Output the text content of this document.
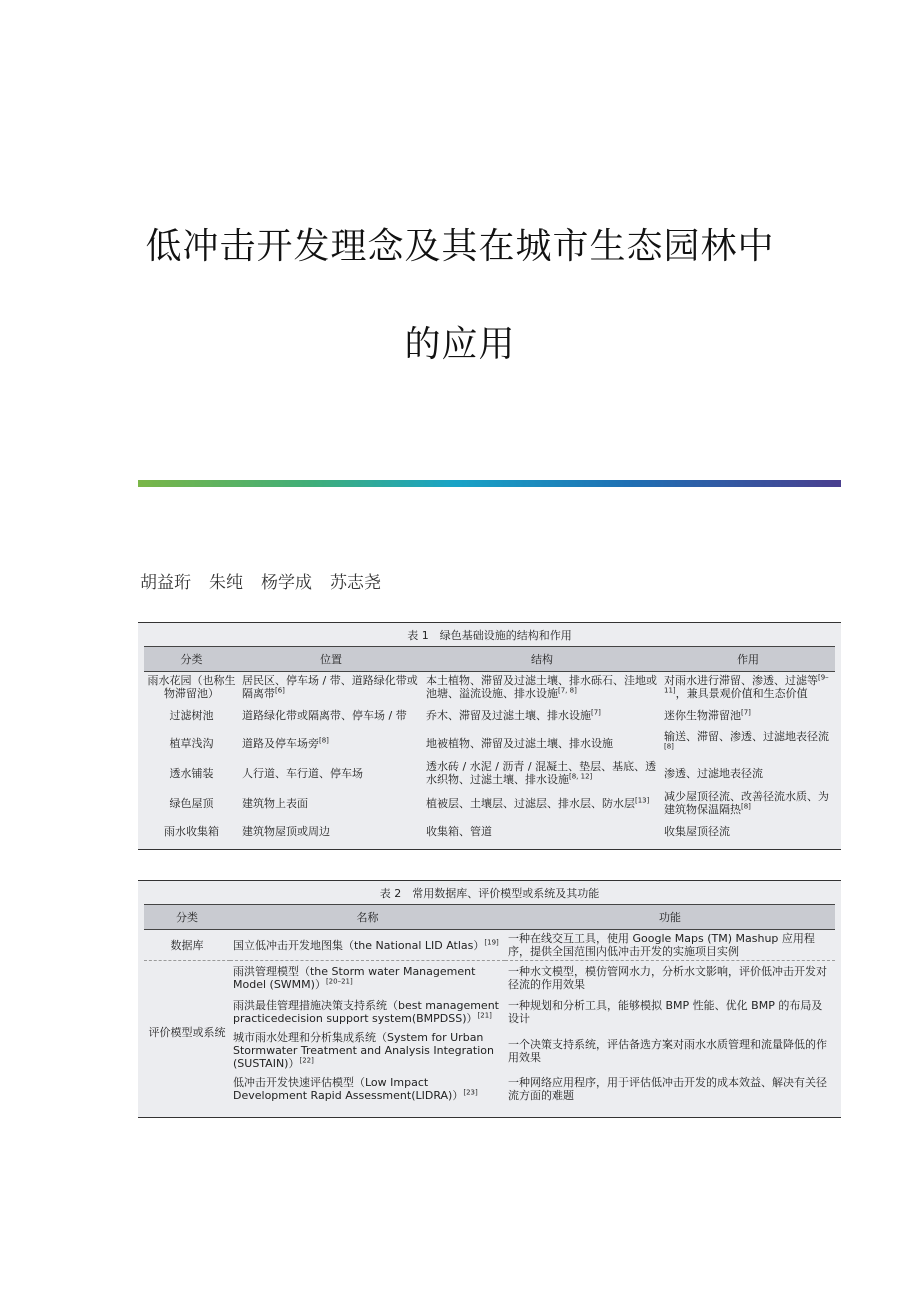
低冲击开发理念及其在城市生态园林中
的应用
胡益珩 朱纯 杨学成 苏志尧
表 1　绿色基础设施的结构和作用
分类	位置	结构	作用
雨水花园（也称生物滞留池）	居民区、停车场 / 带、道路绿化带或隔离带[6]	本土植物、滞留及过滤土壤、排水砾石、洼地或池塘、溢流设施、排水设施[7, 8]	对雨水进行滞留、渗透、过滤等[9–11]，兼具景观价值和生态价值
过滤树池	道路绿化带或隔离带、停车场 / 带	乔木、滞留及过滤土壤、排水设施[7]	迷你生物滞留池[7]
植草浅沟	道路及停车场旁[8]	地被植物、滞留及过滤土壤、排水设施	输送、滞留、渗透、过滤地表径流[8]
透水铺装	人行道、车行道、停车场	透水砖 / 水泥 / 沥青 / 混凝土、垫层、基底、透水织物、过滤土壤、排水设施[8, 12]	渗透、过滤地表径流
绿色屋顶	建筑物上表面	植被层、土壤层、过滤层、排水层、防水层[13]	减少屋顶径流、改善径流水质、为建筑物保温隔热[8]
雨水收集箱	建筑物屋顶或周边	收集箱、管道	收集屋顶径流
表 2　常用数据库、评价模型或系统及其功能
分类	名称	功能
数据库	国立低冲击开发地图集（the National LID Atlas）[19]	一种在线交互工具，使用 Google Maps (TM) Mashup 应用程序，提供全国范围内低冲击开发的实施项目实例
评价模型或系统	雨洪管理模型（the Storm water Management Model (SWMM)）[20–21]	一种水文模型，模仿管网水力，分析水文影响，评价低冲击开发对径流的作用效果
	雨洪最佳管理措施决策支持系统（best management practicedecision support system(BMPDSS)）[21]	一种规划和分析工具，能够模拟 BMP 性能、优化 BMP 的布局及设计
	城市雨水处理和分析集成系统（System for Urban Stormwater Treatment and Analysis Integration (SUSTAIN)）[22]	一个决策支持系统，评估备选方案对雨水水质管理和流量降低的作用效果
	低冲击开发快速评估模型（Low Impact Development Rapid Assessment(LIDRA)）[23]	一种网络应用程序，用于评估低冲击开发的成本效益、解决有关径流方面的难题
